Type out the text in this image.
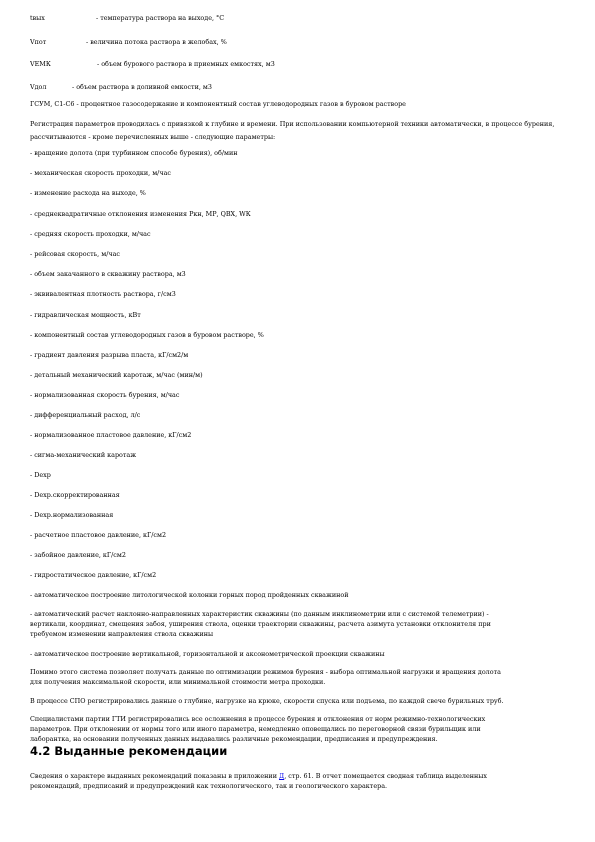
tвых	- температура раствора на выходе, °С
Vпот	- величина потока раствора в желобах, %
VЕМК	- объем бурового раствора в приемных емкостях, м3
Vдол	- объем раствора в доливной емкости, м3
ГСУМ, С1-С6 - процентное газосодержание и компонентный состав углеводородных газов в буровом растворе
Регистрация параметров проводилась с привязкой к глубине и времени. При использовании компьютерной техники автоматически, в процессе бурения, рассчитываются - кроме перечисленных выше - следующие параметры:
- вращение долота (при турбинном способе бурения), об/мин
- механическая скорость проходки, м/час
- изменение расхода на выходе, %
- среднеквадратичные отклонения изменения Ркн, МР, QВХ, WК
- средняя скорость проходки, м/час
- рейсовая скорость, м/час
- объем закачанного в скважину раствора, м3
- эквивалентная плотность раствора, г/см3
- гидравлическая мощность, кВт
- компонентный состав углеводородных газов в буровом растворе, %
- градиент давления разрыва пласта, кГ/см2/м
- детальный механический каротаж, м/час (мин/м)
- нормализованная скорость бурения, м/час
- дифференциальный расход, л/с
- нормализованное пластовое давление, кГ/см2
- сигма-механический каротаж
- Dexp
- Dexp.скорректированная
- Dexp.нормализованная
- расчетное пластовое давление, кГ/см2
- забойное давление, кГ/см2
- гидростатическое давление, кГ/см2
- автоматическое построение литологической колонки горных пород пройденных скважиной
- автоматический расчет наклонно-направленных характеристик скважины (по данным инклинометрии или с системой телеметрии) -
вертикали, координат, смещения забоя, уширения ствола, оценки траектории скважины, расчета азимута установки отклонителя при
требуемом изменении направления ствола скважины
- автоматическое построение вертикальной, горизонтальной и аксонометрической проекции скважины
Помимо этого система позволяет получать данные по оптимизации режимов бурения - выбора оптимальной нагрузки и вращения долота
для получения максимальной скорости, или минимальной стоимости метра проходки.
В процессе СПО регистрировались данные о глубине, нагрузке на крюке, скорости спуска или подъема, по каждой свече бурильных труб.
Специалистами партии ГТИ регистрировались все осложнения в процессе бурения и отклонения от норм режимно-технологических
параметров. При отклонении от нормы того или иного параметра, немедленно оповещались по переговорной связи бурильщик или
лаборантка, на основании полученных данных выдавались различные рекомендации, предписания и предупреждения.
4.2 Выданные рекомендации
Сведения о характере выданных рекомендаций показаны в приложении Д, стр. 61. В отчет помещается сводная таблица выделенных
рекомендаций, предписаний и предупреждений как технологического, так и геологического характера.
